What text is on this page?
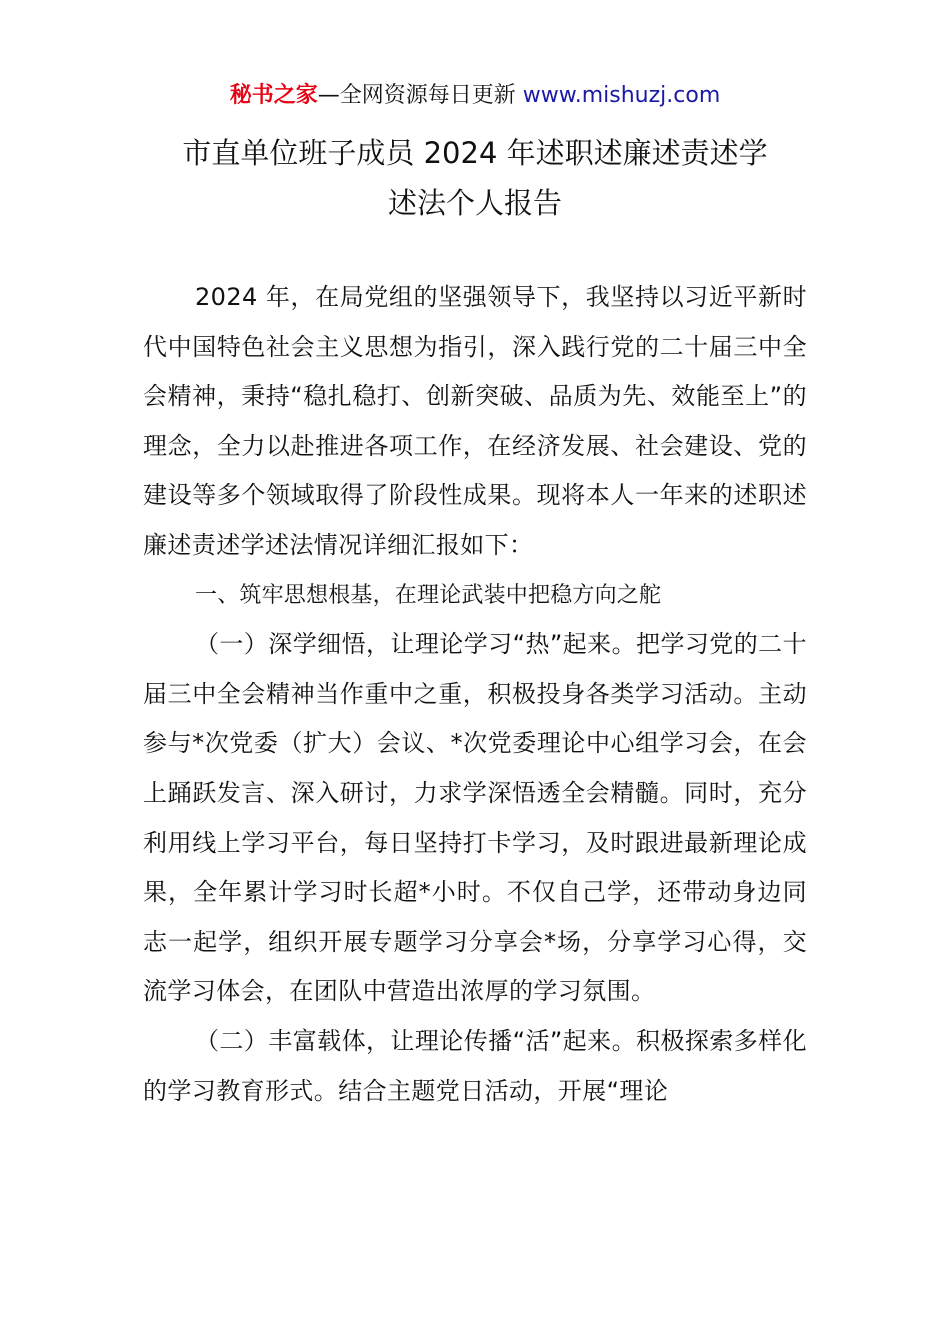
秘书之家—全网资源每日更新 www.mishuzj.com
市直单位班子成员 2024 年述职述廉述责述学
述法个人报告

2024 年，在局党组的坚强领导下，我坚持以习近平新时代中国特色社会主义思想为指引，深入践行党的二十届三中全会精神，秉持“稳扎稳打、创新突破、品质为先、效能至上”的理念，全力以赴推进各项工作，在经济发展、社会建设、党的建设等多个领域取得了阶段性成果。现将本人一年来的述职述廉述责述学述法情况详细汇报如下：

一、筑牢思想根基，在理论武装中把稳方向之舵

（一）深学细悟，让理论学习“热”起来。把学习党的二十届三中全会精神当作重中之重，积极投身各类学习活动。主动参与*次党委（扩大）会议、*次党委理论中心组学习会，在会上踊跃发言、深入研讨，力求学深悟透全会精髓。同时，充分利用线上学习平台，每日坚持打卡学习，及时跟进最新理论成果，全年累计学习时长超*小时。不仅自己学，还带动身边同志一起学，组织开展专题学习分享会*场，分享学习心得，交流学习体会，在团队中营造出浓厚的学习氛围。

（二）丰富载体，让理论传播“活”起来。积极探索多样化的学习教育形式。结合主题党日活动，开展“理论
